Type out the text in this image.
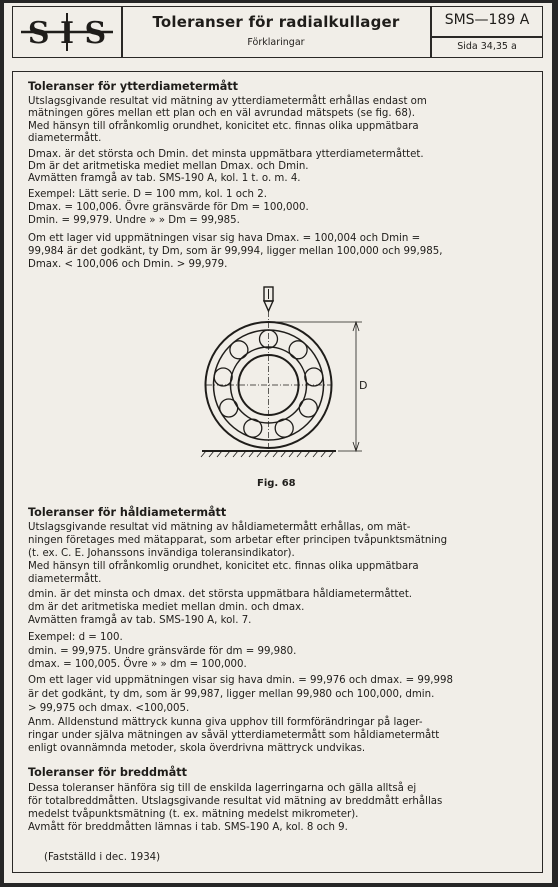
S I S	Toleranser för radialkullager
Förklaringar
SMS—189 A
Sida 34,35 a
Toleranser för ytterdiametermått
Utslagsgivande resultat vid mätning av ytterdiametermått erhållas endast om
mätningen göres mellan ett plan och en väl avrundad mätspets (se fig. 68).
Med hänsyn till ofrånkomlig orundhet, konicitet etc. finnas olika uppmätbara
diametermått.
Dmax. är det största och Dmin. det minsta uppmätbara ytterdiametermåttet.
Dm är det aritmetiska mediet mellan Dmax. och Dmin.
Avmätten framgå av tab. SMS-190 A, kol. 1 t. o. m. 4.
Exempel: Lätt serie. D = 100 mm, kol. 1 och 2.
Dmax. = 100,006. Övre gränsvärde för Dm = 100,000.
Dmin. = 99,979. Undre » » Dm = 99,985.
Om ett lager vid uppmätningen visar sig hava Dmax. = 100,004 och Dmin =
99,984 är det godkänt, ty Dm, som är 99,994, ligger mellan 100,000 och 99,985,
Dmax. < 100,006 och Dmin. > 99,979.
D
Fig. 68
Toleranser för håldiametermått
Utslagsgivande resultat vid mätning av håldiametermått erhållas, om mät-
ningen företages med mätapparat, som arbetar efter principen tvåpunktsmätning
(t. ex. C. E. Johanssons invändiga toleransindikator).
Med hänsyn till ofrånkomlig orundhet, konicitet etc. finnas olika uppmätbara
diametermått.
dmin. är det minsta och dmax. det största uppmätbara håldiametermåttet.
dm är det aritmetiska mediet mellan dmin. och dmax.
Avmätten framgå av tab. SMS-190 A, kol. 7.
Exempel: d = 100.
dmin. = 99,975. Undre gränsvärde för dm = 99,980.
dmax. = 100,005. Övre » » dm = 100,000.
Om ett lager vid uppmätningen visar sig hava dmin. = 99,976 och dmax. = 99,998
är det godkänt, ty dm, som är 99,987, ligger mellan 99,980 och 100,000, dmin.
> 99,975 och dmax. <100,005.
Anm. Alldenstund mättryck kunna giva upphov till formförändringar på lager-
ringar under själva mätningen av såväl ytterdiametermått som håldiametermått
enligt ovannämnda metoder, skola överdrivna mättryck undvikas.
Toleranser för breddmått
Dessa toleranser hänföra sig till de enskilda lagerringarna och gälla alltså ej
för totalbreddmåtten. Utslagsgivande resultat vid mätning av breddmått erhållas
medelst tvåpunktsmätning (t. ex. mätning medelst mikrometer).
Avmått för breddmåtten lämnas i tab. SMS-190 A, kol. 8 och 9.
(Fastställd i dec. 1934)
